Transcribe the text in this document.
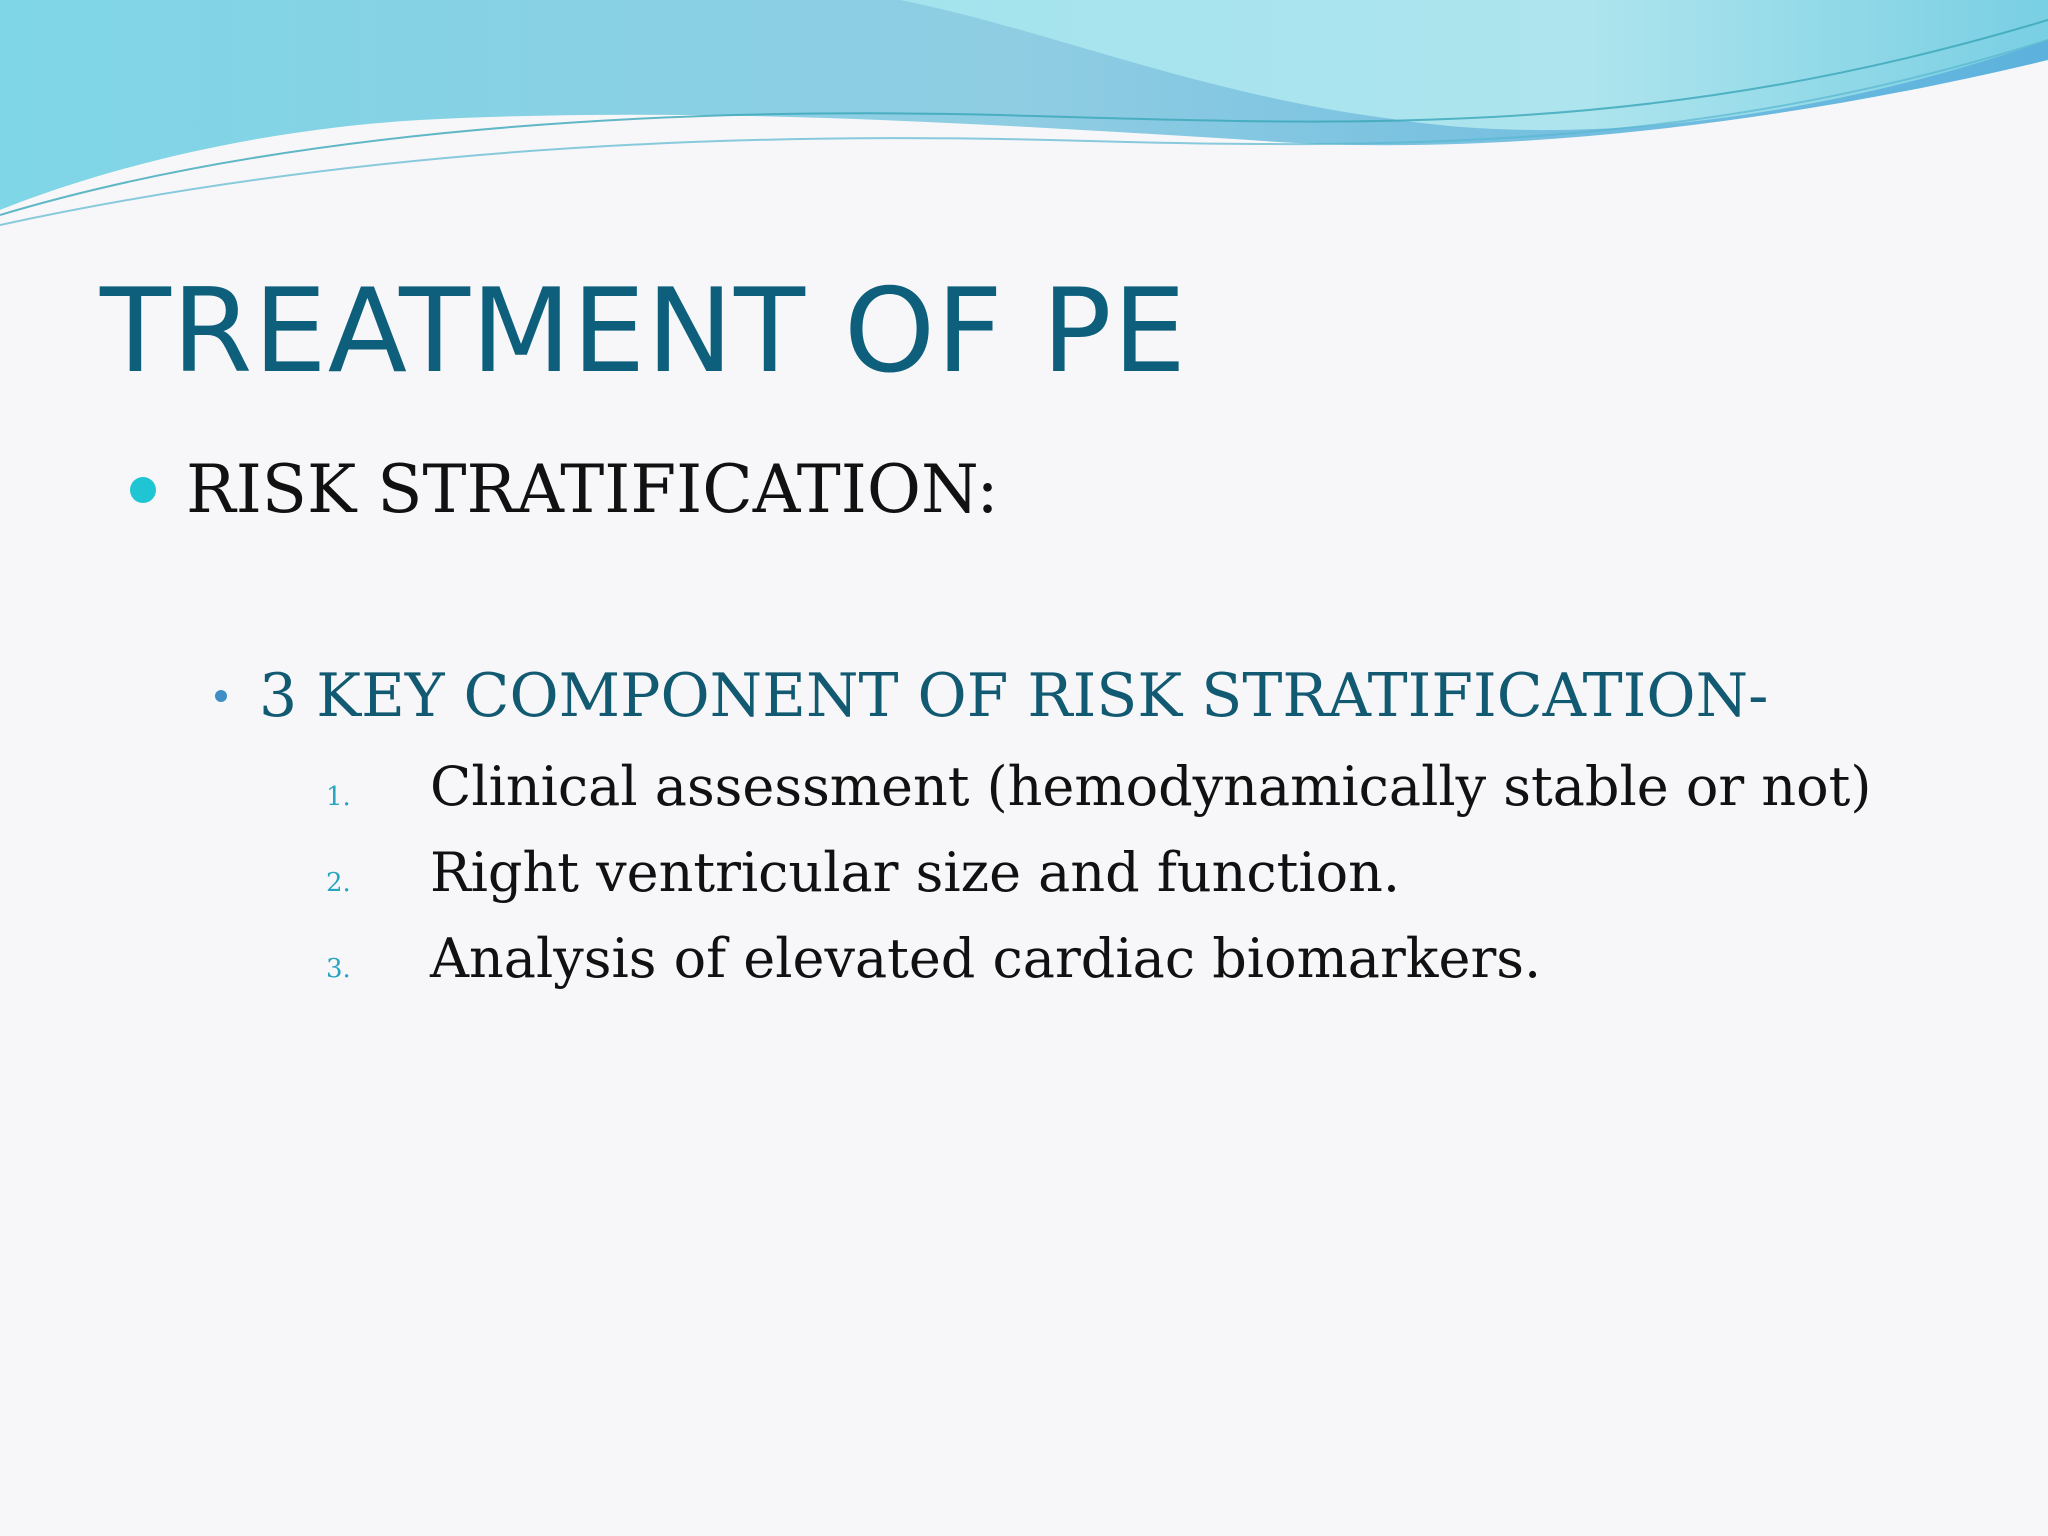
TREATMENT OF PE
RISK STRATIFICATION:
3 KEY COMPONENT OF RISK STRATIFICATION-
1.	Clinical assessment (hemodynamically stable or not)
2.	Right ventricular size and function.
3.	Analysis of elevated cardiac biomarkers.
